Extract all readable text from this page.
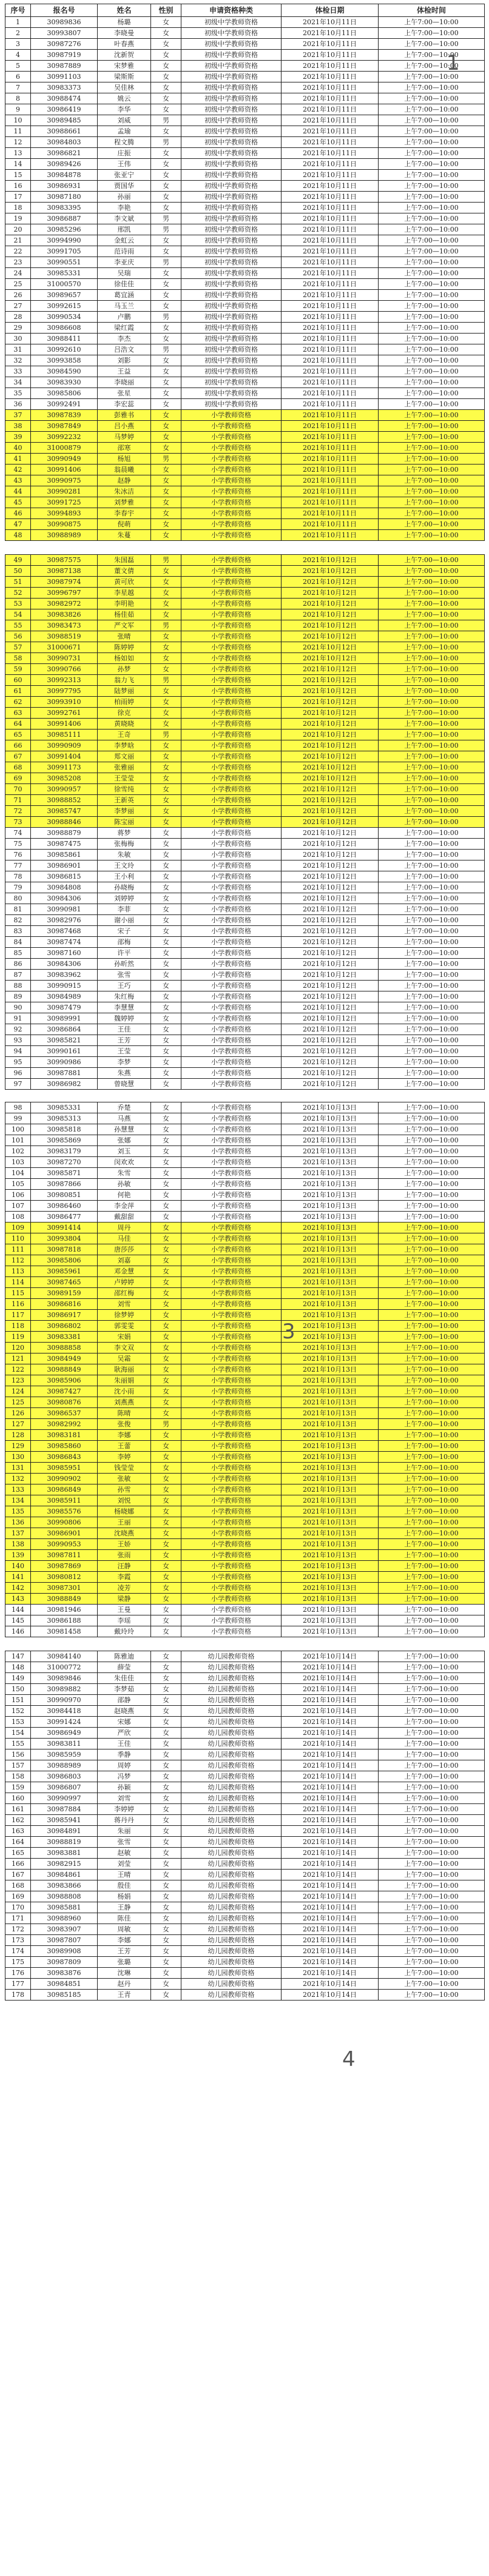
序号	报名号	姓名	性别	申请资格种类	体检日期	体检时间
1	30989836	杨璐	女	初级中学教师资格	2021年10月11日	上午7:00—10:00
2	30993807	李晓曼	女	初级中学教师资格	2021年10月11日	上午7:00—10:00
3	30987276	叶春燕	女	初级中学教师资格	2021年10月11日	上午7:00—10:00
4	30987919	沈新贺	女	初级中学教师资格	2021年10月11日	上午7:00—10:00
5	30987889	宋梦雅	女	初级中学教师资格	2021年10月11日	上午7:00—10:00
6	30991103	梁斯斯	女	初级中学教师资格	2021年10月11日	上午7:00—10:00
7	30983373	吴佳林	女	初级中学教师资格	2021年10月11日	上午7:00—10:00
8	30988474	姚云	女	初级中学教师资格	2021年10月11日	上午7:00—10:00
9	30986419	李华	女	初级中学教师资格	2021年10月11日	上午7:00—10:00
10	30989485	刘威	男	初级中学教师资格	2021年10月11日	上午7:00—10:00
11	30988661	孟瑜	女	初级中学教师资格	2021年10月11日	上午7:00—10:00
12	30984803	程文腾	男	初级中学教师资格	2021年10月11日	上午7:00—10:00
13	30986821	庄振	女	初级中学教师资格	2021年10月11日	上午7:00—10:00
14	30989426	王伟	女	初级中学教师资格	2021年10月11日	上午7:00—10:00
15	30984878	张亚宁	女	初级中学教师资格	2021年10月11日	上午7:00—10:00
16	30986931	贾国华	女	初级中学教师资格	2021年10月11日	上午7:00—10:00
17	30987180	孙丽	女	初级中学教师资格	2021年10月11日	上午7:00—10:00
18	30983395	李艳	女	初级中学教师资格	2021年10月11日	上午7:00—10:00
19	30986887	李文斌	男	初级中学教师资格	2021年10月11日	上午7:00—10:00
20	30985296	邢凯	男	初级中学教师资格	2021年10月11日	上午7:00—10:00
21	30994990	金虹云	女	初级中学教师资格	2021年10月11日	上午7:00—10:00
22	30991705	范诗雨	女	初级中学教师资格	2021年10月11日	上午7:00—10:00
23	30990551	李亚庆	男	初级中学教师资格	2021年10月11日	上午7:00—10:00
24	30985331	吴瑞	女	初级中学教师资格	2021年10月11日	上午7:00—10:00
25	31000570	徐佳佳	女	初级中学教师资格	2021年10月11日	上午7:00—10:00
26	30989657	葛宜涵	女	初级中学教师资格	2021年10月11日	上午7:00—10:00
27	30992615	马玉兰	女	初级中学教师资格	2021年10月11日	上午7:00—10:00
28	30990534	卢鹏	男	初级中学教师资格	2021年10月11日	上午7:00—10:00
29	30986608	梁红霞	女	初级中学教师资格	2021年10月11日	上午7:00—10:00
30	30988411	李杰	女	初级中学教师资格	2021年10月11日	上午7:00—10:00
31	30992610	吕浩文	男	初级中学教师资格	2021年10月11日	上午7:00—10:00
32	30993858	刘影	女	初级中学教师资格	2021年10月11日	上午7:00—10:00
33	30984590	王益	女	初级中学教师资格	2021年10月11日	上午7:00—10:00
34	30983930	李晓丽	女	初级中学教师资格	2021年10月11日	上午7:00—10:00
35	30985806	张星	女	初级中学教师资格	2021年10月11日	上午7:00—10:00
36	30992491	李宏蕊	女	初级中学教师资格	2021年10月11日	上午7:00—10:00
37	30987839	彭雅书	女	小学教师资格	2021年10月11日	上午7:00—10:00
38	30987849	吕小燕	女	小学教师资格	2021年10月11日	上午7:00—10:00
39	30992232	马梦婷	女	小学教师资格	2021年10月11日	上午7:00—10:00
40	31000879	邵寒	女	小学教师资格	2021年10月11日	上午7:00—10:00
41	30990949	杨旭	男	小学教师资格	2021年10月11日	上午7:00—10:00
42	30991406	翁晨曦	女	小学教师资格	2021年10月11日	上午7:00—10:00
43	30990975	赵静	女	小学教师资格	2021年10月11日	上午7:00—10:00
44	30990281	朱冰洁	女	小学教师资格	2021年10月11日	上午7:00—10:00
45	30991725	刘梦雅	女	小学教师资格	2021年10月11日	上午7:00—10:00
46	30994893	李春宇	女	小学教师资格	2021年10月11日	上午7:00—10:00
47	30990875	倪萌	女	小学教师资格	2021年10月11日	上午7:00—10:00
48	30988989	朱蔓	女	小学教师资格	2021年10月11日	上午7:00—10:00

49	30987575	朱国磊	男	小学教师资格	2021年10月12日	上午7:00—10:00
50	30987138	董文倩	女	小学教师资格	2021年10月12日	上午7:00—10:00
51	30987974	黄可欣	女	小学教师资格	2021年10月12日	上午7:00—10:00
52	30996797	李星越	女	小学教师资格	2021年10月12日	上午7:00—10:00
53	30982972	李明艳	女	小学教师资格	2021年10月12日	上午7:00—10:00
54	30983826	杨佳茹	女	小学教师资格	2021年10月12日	上午7:00—10:00
55	30983473	严文军	男	小学教师资格	2021年10月12日	上午7:00—10:00
56	30988519	张晴	女	小学教师资格	2021年10月12日	上午7:00—10:00
57	31000671	陈婷婷	女	小学教师资格	2021年10月12日	上午7:00—10:00
58	30990731	杨如如	女	小学教师资格	2021年10月12日	上午7:00—10:00
59	30990766	孙梦	女	小学教师资格	2021年10月12日	上午7:00—10:00
60	30992313	翁力飞	男	小学教师资格	2021年10月12日	上午7:00—10:00
61	30997795	陆梦丽	女	小学教师资格	2021年10月12日	上午7:00—10:00
62	30993910	柏雨婷	女	小学教师资格	2021年10月12日	上午7:00—10:00
63	30992761	徐克	女	小学教师资格	2021年10月12日	上午7:00—10:00
64	30991406	黄晓晓	女	小学教师资格	2021年10月12日	上午7:00—10:00
65	30985111	王奇	男	小学教师资格	2021年10月12日	上午7:00—10:00
66	30990909	李梦晗	女	小学教师资格	2021年10月12日	上午7:00—10:00
67	30991404	郑文丽	女	小学教师资格	2021年10月12日	上午7:00—10:00
68	30991173	张雅丽	女	小学教师资格	2021年10月12日	上午7:00—10:00
69	30985208	王莹莹	女	小学教师资格	2021年10月12日	上午7:00—10:00
70	30990957	徐雪纯	女	小学教师资格	2021年10月12日	上午7:00—10:00
71	30988852	王新英	女	小学教师资格	2021年10月12日	上午7:00—10:00
72	30985747	李梦丽	女	小学教师资格	2021年10月12日	上午7:00—10:00
73	30988846	陈宝丽	女	小学教师资格	2021年10月12日	上午7:00—10:00
74	30988879	蒋梦	女	小学教师资格	2021年10月12日	上午7:00—10:00
75	30987475	张梅梅	女	小学教师资格	2021年10月12日	上午7:00—10:00
76	30985861	朱敏	女	小学教师资格	2021年10月12日	上午7:00—10:00
77	30986901	王文玲	女	小学教师资格	2021年10月12日	上午7:00—10:00
78	30986815	王小利	女	小学教师资格	2021年10月12日	上午7:00—10:00
79	30984808	孙晓梅	女	小学教师资格	2021年10月12日	上午7:00—10:00
80	30984306	刘婷婷	女	小学教师资格	2021年10月12日	上午7:00—10:00
81	30990981	李菲	女	小学教师资格	2021年10月12日	上午7:00—10:00
82	30982976	谢小丽	女	小学教师资格	2021年10月12日	上午7:00—10:00
83	30987468	宋子	女	小学教师资格	2021年10月12日	上午7:00—10:00
84	30987474	邵梅	女	小学教师资格	2021年10月12日	上午7:00—10:00
85	30987160	许平	女	小学教师资格	2021年10月12日	上午7:00—10:00
86	30984306	孙昕然	女	小学教师资格	2021年10月12日	上午7:00—10:00
87	30983962	张雪	女	小学教师资格	2021年10月12日	上午7:00—10:00
88	30990915	王巧	女	小学教师资格	2021年10月12日	上午7:00—10:00
89	30984989	朱红梅	女	小学教师资格	2021年10月12日	上午7:00—10:00
90	30987479	李慧慧	女	小学教师资格	2021年10月12日	上午7:00—10:00
91	30989991	魏婷婷	女	小学教师资格	2021年10月12日	上午7:00—10:00
92	30986864	王佳	女	小学教师资格	2021年10月12日	上午7:00—10:00
93	30985821	王芳	女	小学教师资格	2021年10月12日	上午7:00—10:00
94	30990161	王莹	女	小学教师资格	2021年10月12日	上午7:00—10:00
95	30990986	李梦	女	小学教师资格	2021年10月12日	上午7:00—10:00
96	30987881	朱燕	女	小学教师资格	2021年10月12日	上午7:00—10:00
97	30986982	曾晓慧	女	小学教师资格	2021年10月12日	上午7:00—10:00

98	30985331	乔楚	女	小学教师资格	2021年10月13日	上午7:00—10:00
99	30985313	马燕	女	小学教师资格	2021年10月13日	上午7:00—10:00
100	30985818	孙慧慧	女	小学教师资格	2021年10月13日	上午7:00—10:00
101	30985869	张娜	女	小学教师资格	2021年10月13日	上午7:00—10:00
102	30983179	刘玉	女	小学教师资格	2021年10月13日	上午7:00—10:00
103	30987270	闵欢欢	女	小学教师资格	2021年10月13日	上午7:00—10:00
104	30985871	朱雪	女	小学教师资格	2021年10月13日	上午7:00—10:00
105	30987866	孙敏	女	小学教师资格	2021年10月13日	上午7:00—10:00
106	30980851	何艳	女	小学教师资格	2021年10月13日	上午7:00—10:00
107	30986460	李金萍	女	小学教师资格	2021年10月13日	上午7:00—10:00
108	30986477	戴甜甜	女	小学教师资格	2021年10月13日	上午7:00—10:00
109	30991414	周丹	女	小学教师资格	2021年10月13日	上午7:00—10:00
110	30993804	马佳	女	小学教师资格	2021年10月13日	上午7:00—10:00
111	30987818	唐莎莎	女	小学教师资格	2021年10月13日	上午7:00—10:00
112	30985806	刘嘉	女	小学教师资格	2021年10月13日	上午7:00—10:00
113	30985961	邓金慧	女	小学教师资格	2021年10月13日	上午7:00—10:00
114	30987465	卢婷婷	女	小学教师资格	2021年10月13日	上午7:00—10:00
115	30989159	邵红梅	女	小学教师资格	2021年10月13日	上午7:00—10:00
116	30986816	刘雪	女	小学教师资格	2021年10月13日	上午7:00—10:00
117	30986917	徐梦婷	女	小学教师资格	2021年10月13日	上午7:00—10:00
118	30986802	郭雯雯	女	小学教师资格	2021年10月13日	上午7:00—10:00
119	30983381	宋娟	女	小学教师资格	2021年10月13日	上午7:00—10:00
120	30988858	李文双	女	小学教师资格	2021年10月13日	上午7:00—10:00
121	30984949	吴霜	女	小学教师资格	2021年10月13日	上午7:00—10:00
122	30988849	耿海丽	女	小学教师资格	2021年10月13日	上午7:00—10:00
123	30985906	朱丽娟	女	小学教师资格	2021年10月13日	上午7:00—10:00
124	30987427	沈小雨	女	小学教师资格	2021年10月13日	上午7:00—10:00
125	30980876	刘燕燕	女	小学教师资格	2021年10月13日	上午7:00—10:00
126	30986537	陈晴	女	小学教师资格	2021年10月13日	上午7:00—10:00
127	30982992	张俊	男	小学教师资格	2021年10月13日	上午7:00—10:00
128	30983181	李娜	女	小学教师资格	2021年10月13日	上午7:00—10:00
129	30985860	王蕾	女	小学教师资格	2021年10月13日	上午7:00—10:00
130	30986843	李婷	女	小学教师资格	2021年10月13日	上午7:00—10:00
131	30985951	钱莹莹	女	小学教师资格	2021年10月13日	上午7:00—10:00
132	30990902	张敏	女	小学教师资格	2021年10月13日	上午7:00—10:00
133	30986849	孙雪	女	小学教师资格	2021年10月13日	上午7:00—10:00
134	30985911	刘悦	女	小学教师资格	2021年10月13日	上午7:00—10:00
135	30985576	杨晓娜	女	小学教师资格	2021年10月13日	上午7:00—10:00
136	30990806	王丽	女	小学教师资格	2021年10月13日	上午7:00—10:00
137	30986901	沈晓燕	女	小学教师资格	2021年10月13日	上午7:00—10:00
138	30990953	王娇	女	小学教师资格	2021年10月13日	上午7:00—10:00
139	30987811	张雨	女	小学教师资格	2021年10月13日	上午7:00—10:00
140	30987869	汪静	女	小学教师资格	2021年10月13日	上午7:00—10:00
141	30980812	李霞	女	小学教师资格	2021年10月13日	上午7:00—10:00
142	30987301	凌芳	女	小学教师资格	2021年10月13日	上午7:00—10:00
143	30988849	梁静	女	小学教师资格	2021年10月13日	上午7:00—10:00
144	30981946	王曼	女	小学教师资格	2021年10月13日	上午7:00—10:00
145	30986188	李瑶	女	小学教师资格	2021年10月13日	上午7:00—10:00
146	30981458	戴玲玲	女	小学教师资格	2021年10月13日	上午7:00—10:00

147	30984140	陈雅迪	女	幼儿园教师资格	2021年10月14日	上午7:00—10:00
148	31000772	薛莹	女	幼儿园教师资格	2021年10月14日	上午7:00—10:00
149	30989846	朱佳佳	女	幼儿园教师资格	2021年10月14日	上午7:00—10:00
150	30989882	李梦茹	女	幼儿园教师资格	2021年10月14日	上午7:00—10:00
151	30990970	邵静	女	幼儿园教师资格	2021年10月14日	上午7:00—10:00
152	30984418	赵晓燕	女	幼儿园教师资格	2021年10月14日	上午7:00—10:00
153	30991424	宋娜	女	幼儿园教师资格	2021年10月14日	上午7:00—10:00
154	30986949	严欣	女	幼儿园教师资格	2021年10月14日	上午7:00—10:00
155	30983811	王佳	女	幼儿园教师资格	2021年10月14日	上午7:00—10:00
156	30985959	季静	女	幼儿园教师资格	2021年10月14日	上午7:00—10:00
157	30988989	周婷	女	幼儿园教师资格	2021年10月14日	上午7:00—10:00
158	30986803	冯梦	女	幼儿园教师资格	2021年10月14日	上午7:00—10:00
159	30986807	孙颖	女	幼儿园教师资格	2021年10月14日	上午7:00—10:00
160	30990997	刘雪	女	幼儿园教师资格	2021年10月14日	上午7:00—10:00
161	30987884	李婷婷	女	幼儿园教师资格	2021年10月14日	上午7:00—10:00
162	30985941	蒋丹丹	女	幼儿园教师资格	2021年10月14日	上午7:00—10:00
163	30984891	朱丽	女	幼儿园教师资格	2021年10月14日	上午7:00—10:00
164	30988819	张雪	女	幼儿园教师资格	2021年10月14日	上午7:00—10:00
165	30983881	赵敏	女	幼儿园教师资格	2021年10月14日	上午7:00—10:00
166	30982915	刘莹	女	幼儿园教师资格	2021年10月14日	上午7:00—10:00
167	30984861	王晴	女	幼儿园教师资格	2021年10月14日	上午7:00—10:00
168	30983866	殷佳	女	幼儿园教师资格	2021年10月14日	上午7:00—10:00
169	30988808	杨娟	女	幼儿园教师资格	2021年10月14日	上午7:00—10:00
170	30985881	王静	女	幼儿园教师资格	2021年10月14日	上午7:00—10:00
171	30988960	陈佳	女	幼儿园教师资格	2021年10月14日	上午7:00—10:00
172	30983907	周敏	女	幼儿园教师资格	2021年10月14日	上午7:00—10:00
173	30987807	李娜	女	幼儿园教师资格	2021年10月14日	上午7:00—10:00
174	30989908	王芳	女	幼儿园教师资格	2021年10月14日	上午7:00—10:00
175	30987809	张璐	女	幼儿园教师资格	2021年10月14日	上午7:00—10:00
176	30983876	沈琳	女	幼儿园教师资格	2021年10月14日	上午7:00—10:00
177	30984851	赵丹	女	幼儿园教师资格	2021年10月14日	上午7:00—10:00
178	30985185	王青	女	幼儿园教师资格	2021年10月14日	上午7:00—10:00
1
3
4
